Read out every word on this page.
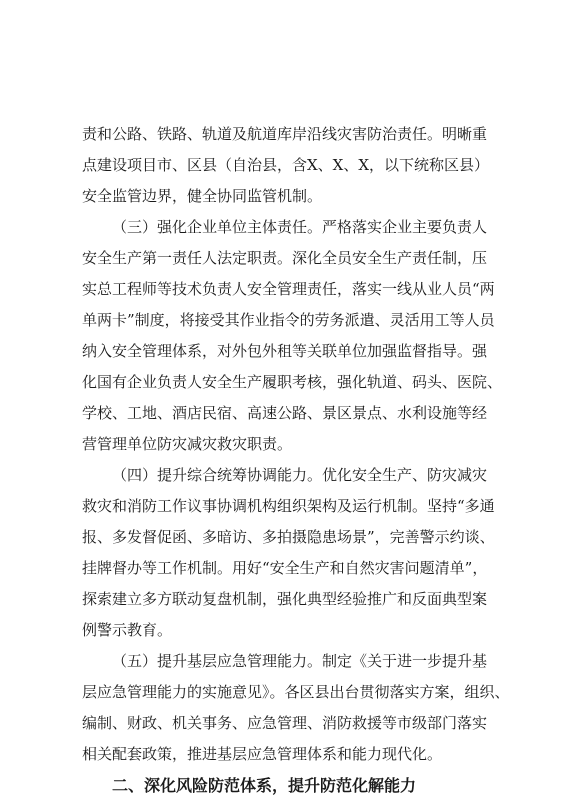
责和公路、铁路、轨道及航道库岸沿线灾害防治责任。明晰重
点建设项目市、区县（自治县，含X、X、X，以下统称区县）
安全监管边界，健全协同监管机制。
（三）强化企业单位主体责任。严格落实企业主要负责人
安全生产第一责任人法定职责。深化全员安全生产责任制，压
实总工程师等技术负责人安全管理责任，落实一线从业人员“两
单两卡”制度，将接受其作业指令的劳务派遣、灵活用工等人员
纳入安全管理体系，对外包外租等关联单位加强监督指导。强
化国有企业负责人安全生产履职考核，强化轨道、码头、医院、
学校、工地、酒店民宿、高速公路、景区景点、水利设施等经
营管理单位防灾减灾救灾职责。
（四）提升综合统筹协调能力。优化安全生产、防灾减灾
救灾和消防工作议事协调机构组织架构及运行机制。坚持“多通
报、多发督促函、多暗访、多拍摄隐患场景”，完善警示约谈、
挂牌督办等工作机制。用好“安全生产和自然灾害问题清单”，
探索建立多方联动复盘机制，强化典型经验推广和反面典型案
例警示教育。
（五）提升基层应急管理能力。制定《关于进一步提升基
层应急管理能力的实施意见》。各区县出台贯彻落实方案，组织、
编制、财政、机关事务、应急管理、消防救援等市级部门落实
相关配套政策，推进基层应急管理体系和能力现代化。
二、深化风险防范体系，提升防范化解能力
